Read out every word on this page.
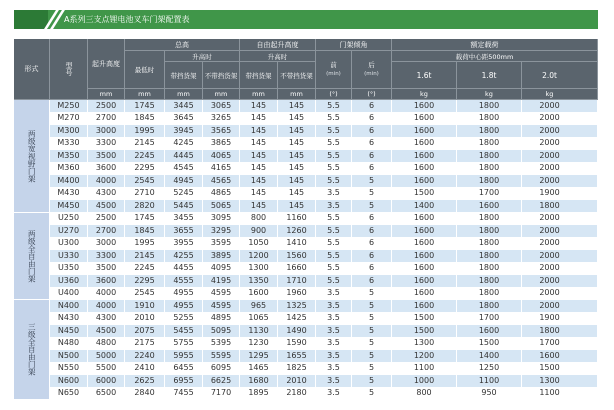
A系列三支点锂电池叉车门架配置表
形式	型号	起升高度
总高
最低时
升高时
带挡货架	不带挡货架
自由起升高度
升高时
带挡货架	不带挡货架
门架倾角
前
(min)
后
(min)
额定载荷
载荷中心距500mm
1.6t	1.8t	2.0t
mm	mm	mm	mm	mm	mm	(°)	(°)	kg	kg	kg
两级宽视野门架
M250	2500	1745	3445	3065	145	145	5.5	6	1600	1800	2000
M270	2700	1845	3645	3265	145	145	5.5	6	1600	1800	2000
M300	3000	1995	3945	3565	145	145	5.5	6	1600	1800	2000
M330	3300	2145	4245	3865	145	145	5.5	6	1600	1800	2000
M350	3500	2245	4445	4065	145	145	5.5	6	1600	1800	2000
M360	3600	2295	4545	4165	145	145	5.5	6	1600	1800	2000
M400	4000	2545	4945	4565	145	145	5.5	5	1600	1800	2000
M430	4300	2710	5245	4865	145	145	3.5	5	1500	1700	1900
M450	4500	2820	5445	5065	145	145	3.5	5	1400	1600	1800
两级全自由门架
U250	2500	1745	3455	3095	800	1160	5.5	6	1600	1800	2000
U270	2700	1845	3655	3295	900	1260	5.5	6	1600	1800	2000
U300	3000	1995	3955	3595	1050	1410	5.5	6	1600	1800	2000
U330	3300	2145	4255	3895	1200	1560	5.5	6	1600	1800	2000
U350	3500	2245	4455	4095	1300	1660	5.5	6	1600	1800	2000
U360	3600	2295	4555	4195	1350	1710	5.5	6	1600	1800	2000
U400	4000	2545	4955	4595	1600	1960	3.5	5	1600	1800	2000
三级全自由门架
N400	4000	1910	4955	4595	965	1325	3.5	5	1600	1800	2000
N430	4300	2010	5255	4895	1065	1425	3.5	5	1500	1700	1900
N450	4500	2075	5455	5095	1130	1490	3.5	5	1500	1600	1800
N480	4800	2175	5755	5395	1230	1590	3.5	5	1300	1500	1700
N500	5000	2240	5955	5595	1295	1655	3.5	5	1200	1400	1600
N550	5500	2410	6455	6095	1465	1825	3.5	5	1100	1250	1500
N600	6000	2625	6955	6625	1680	2010	3.5	5	1000	1100	1300
N650	6500	2840	7455	7170	1895	2180	3.5	5	800	950	1100
